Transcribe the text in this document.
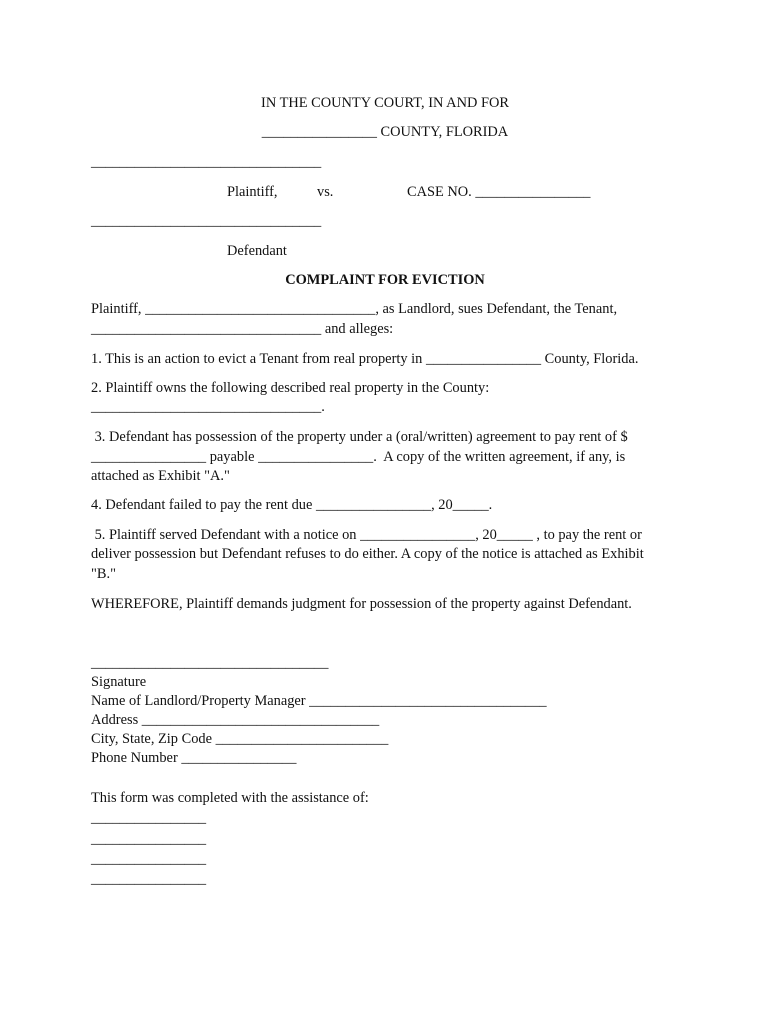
IN THE COUNTY COURT, IN AND FOR
________________ COUNTY, FLORIDA
________________________________
Plaintiff,	vs.	CASE NO. ________________
________________________________
Defendant
COMPLAINT FOR EVICTION
Plaintiff, ________________________________, as Landlord, sues Defendant, the Tenant,
________________________________ and alleges:
1. This is an action to evict a Tenant from real property in ________________ County, Florida.
2. Plaintiff owns the following described real property in the County:
________________________________.
3. Defendant has possession of the property under a (oral/written) agreement to pay rent of $
________________ payable ________________.  A copy of the written agreement, if any, is
attached as Exhibit "A."
4. Defendant failed to pay the rent due ________________, 20_____.
5. Plaintiff served Defendant with a notice on ________________, 20_____ , to pay the rent or
deliver possession but Defendant refuses to do either. A copy of the notice is attached as Exhibit
"B."
WHEREFORE, Plaintiff demands judgment for possession of the property against Defendant.
_________________________________
Signature
Name of Landlord/Property Manager _________________________________
Address _________________________________
City, State, Zip Code ________________________
Phone Number ________________
This form was completed with the assistance of:
________________
________________
________________
________________
